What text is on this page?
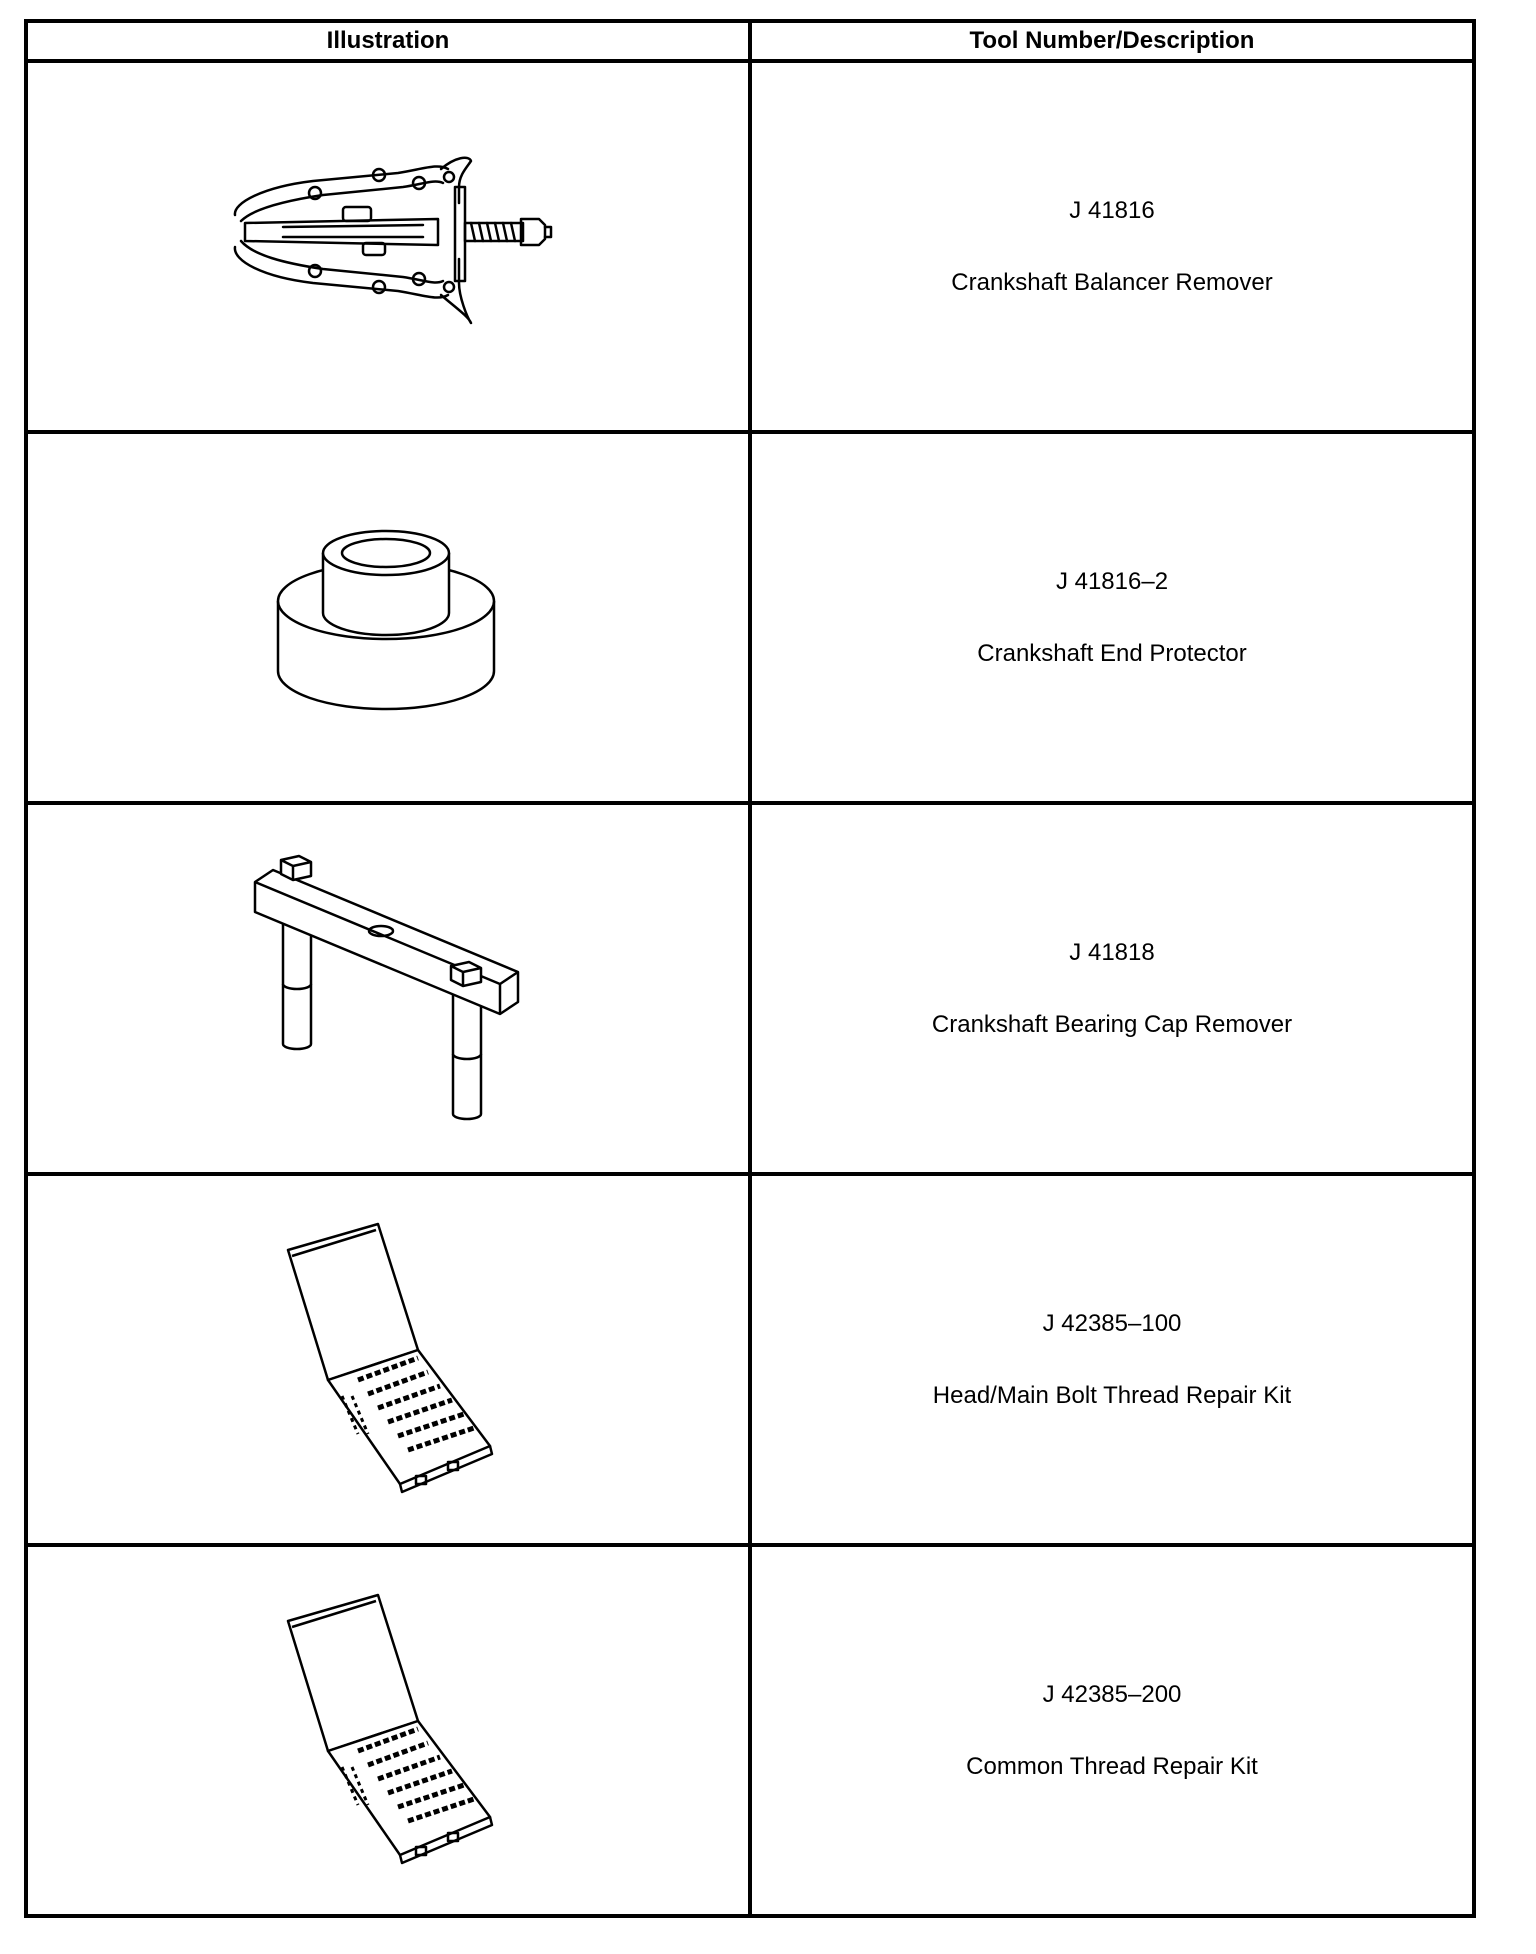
Illustration	Tool Number/Description

J 41816
Crankshaft Balancer Remover

J 41816–2
Crankshaft End Protector

J 41818
Crankshaft Bearing Cap Remover

J 42385–100
Head/Main Bolt Thread Repair Kit

J 42385–200
Common Thread Repair Kit
